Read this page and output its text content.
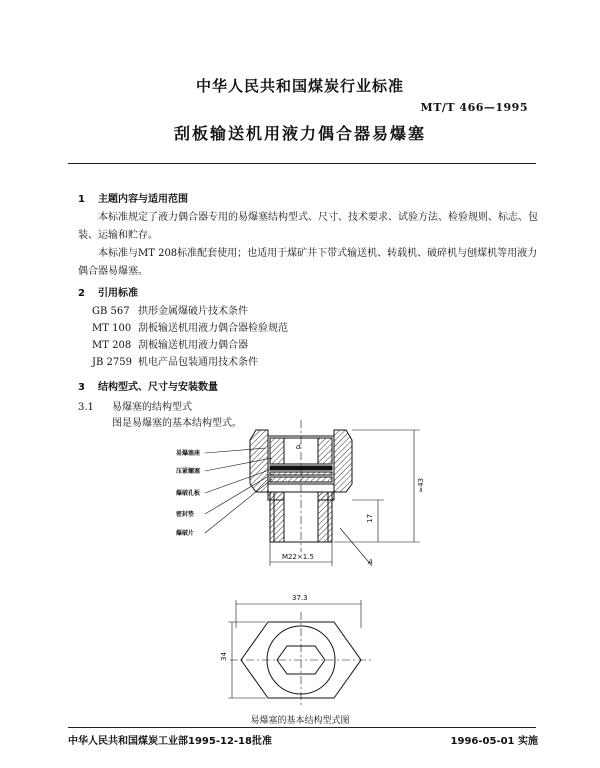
中华人民共和国煤炭行业标准
MT/T 466—1995
刮板输送机用液力偶合器易爆塞
1 主题内容与适用范围
本标准规定了液力偶合器专用的易爆塞结构型式、尺寸、技术要求、试验方法、检验规则、标志、包装、运输和贮存。
本标准与MT 208标准配套使用；也适用于煤矿井下带式输送机、转载机、破碎机与刨煤机等用液力偶合器易爆塞。
2 引用标准
GB 567 拱形金属爆破片技术条件
MT 100 刮板输送机用液力偶合器检验规范
MT 208 刮板输送机用液力偶合器
JB 2759 机电产品包装通用技术条件
3 结构型式、尺寸与安装数量
3.1 易爆塞的结构型式
图是易爆塞的基本结构型式。
易爆塞座
压紧螺塞
爆破孔板
密封垫
爆破片
d
≈43
17
M22×1.5
A
37.3
34
易爆塞的基本结构型式图
中华人民共和国煤炭工业部1995-12-18批准	1996-05-01 实施
